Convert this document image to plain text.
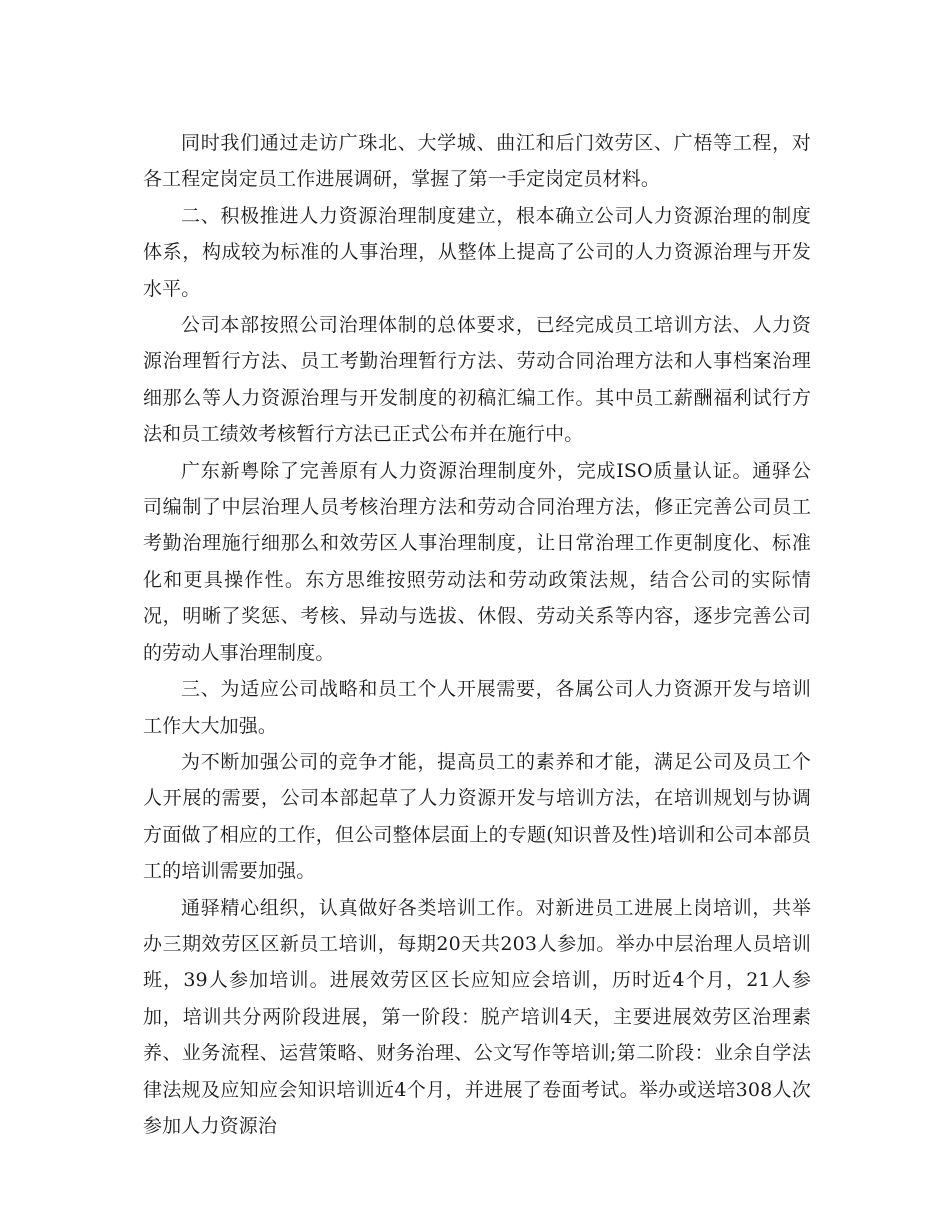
同时我们通过走访广珠北、大学城、曲江和后门效劳区、广梧等工程，对各工程定岗定员工作进展调研，掌握了第一手定岗定员材料。

二、积极推进人力资源治理制度建立，根本确立公司人力资源治理的制度体系，构成较为标准的人事治理，从整体上提高了公司的人力资源治理与开发水平。

公司本部按照公司治理体制的总体要求，已经完成员工培训方法、人力资源治理暂行方法、员工考勤治理暂行方法、劳动合同治理方法和人事档案治理细那么等人力资源治理与开发制度的初稿汇编工作。其中员工薪酬福利试行方法和员工绩效考核暂行方法已正式公布并在施行中。

广东新粤除了完善原有人力资源治理制度外，完成ISO质量认证。通驿公司编制了中层治理人员考核治理方法和劳动合同治理方法，修正完善公司员工考勤治理施行细那么和效劳区人事治理制度，让日常治理工作更制度化、标准化和更具操作性。东方思维按照劳动法和劳动政策法规，结合公司的实际情况，明晰了奖惩、考核、异动与选拔、休假、劳动关系等内容，逐步完善公司的劳动人事治理制度。

三、为适应公司战略和员工个人开展需要，各属公司人力资源开发与培训工作大大加强。

为不断加强公司的竞争才能，提高员工的素养和才能，满足公司及员工个人开展的需要，公司本部起草了人力资源开发与培训方法，在培训规划与协调方面做了相应的工作，但公司整体层面上的专题(知识普及性)培训和公司本部员工的培训需要加强。

通驿精心组织，认真做好各类培训工作。对新进员工进展上岗培训，共举办三期效劳区区新员工培训，每期20天共203人参加。举办中层治理人员培训班，39人参加培训。进展效劳区区长应知应会培训，历时近4个月，21人参加，培训共分两阶段进展，第一阶段：脱产培训4天，主要进展效劳区治理素养、业务流程、运营策略、财务治理、公文写作等培训;第二阶段：业余自学法律法规及应知应会知识培训近4个月，并进展了卷面考试。举办或送培308人次参加人力资源治
